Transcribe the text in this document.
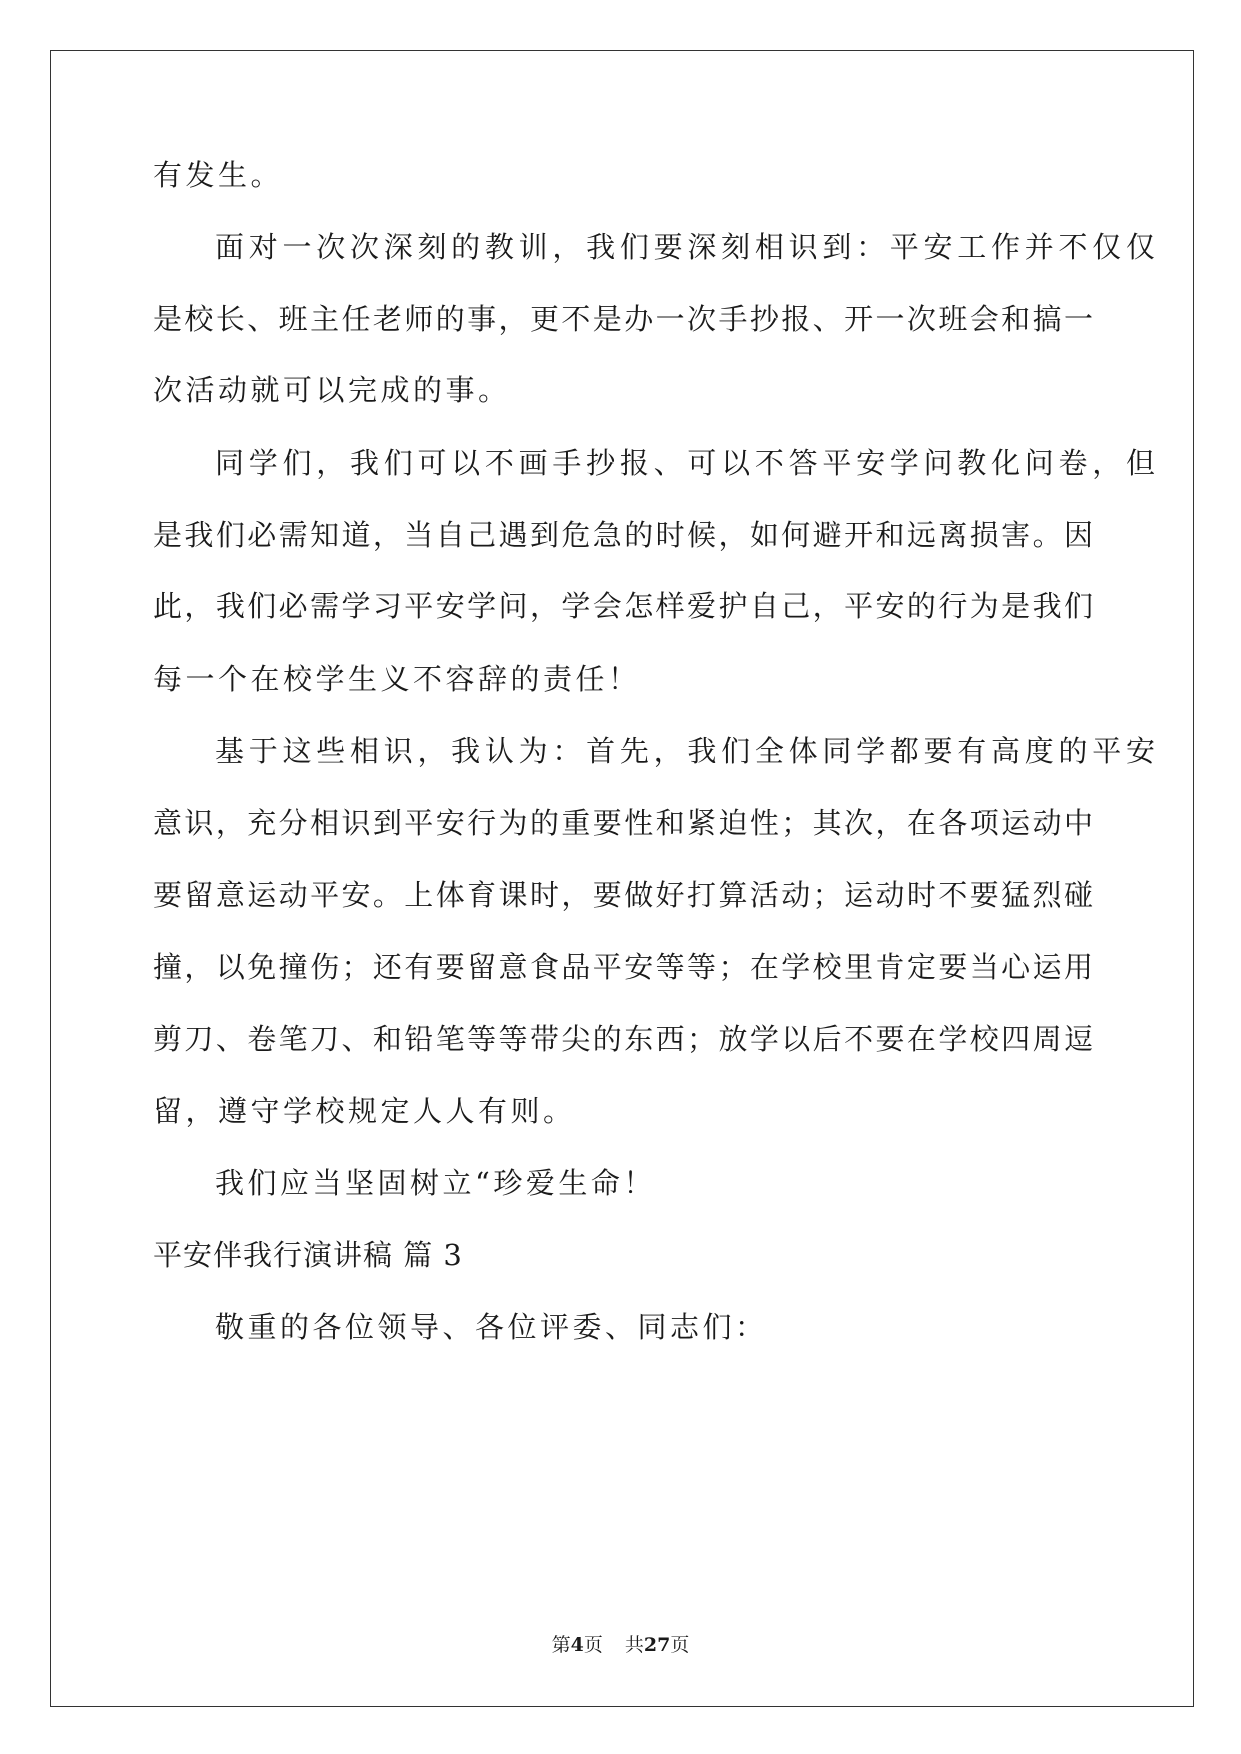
有发生。

面对一次次深刻的教训，我们要深刻相识到：平安工作并不仅仅

是校长、班主任老师的事，更不是办一次手抄报、开一次班会和搞一

次活动就可以完成的事。

同学们，我们可以不画手抄报、可以不答平安学问教化问卷，但

是我们必需知道，当自己遇到危急的时候，如何避开和远离损害。因

此，我们必需学习平安学问，学会怎样爱护自己，平安的行为是我们

每一个在校学生义不容辞的责任！

基于这些相识，我认为：首先，我们全体同学都要有高度的平安

意识，充分相识到平安行为的重要性和紧迫性；其次，在各项运动中

要留意运动平安。上体育课时，要做好打算活动；运动时不要猛烈碰

撞，以免撞伤；还有要留意食品平安等等；在学校里肯定要当心运用

剪刀、卷笔刀、和铅笔等等带尖的东西；放学以后不要在学校四周逗

留，遵守学校规定人人有则。

我们应当坚固树立“珍爱生命！

平安伴我行演讲稿 篇 3

敬重的各位领导、各位评委、同志们：

第4页 共27页
